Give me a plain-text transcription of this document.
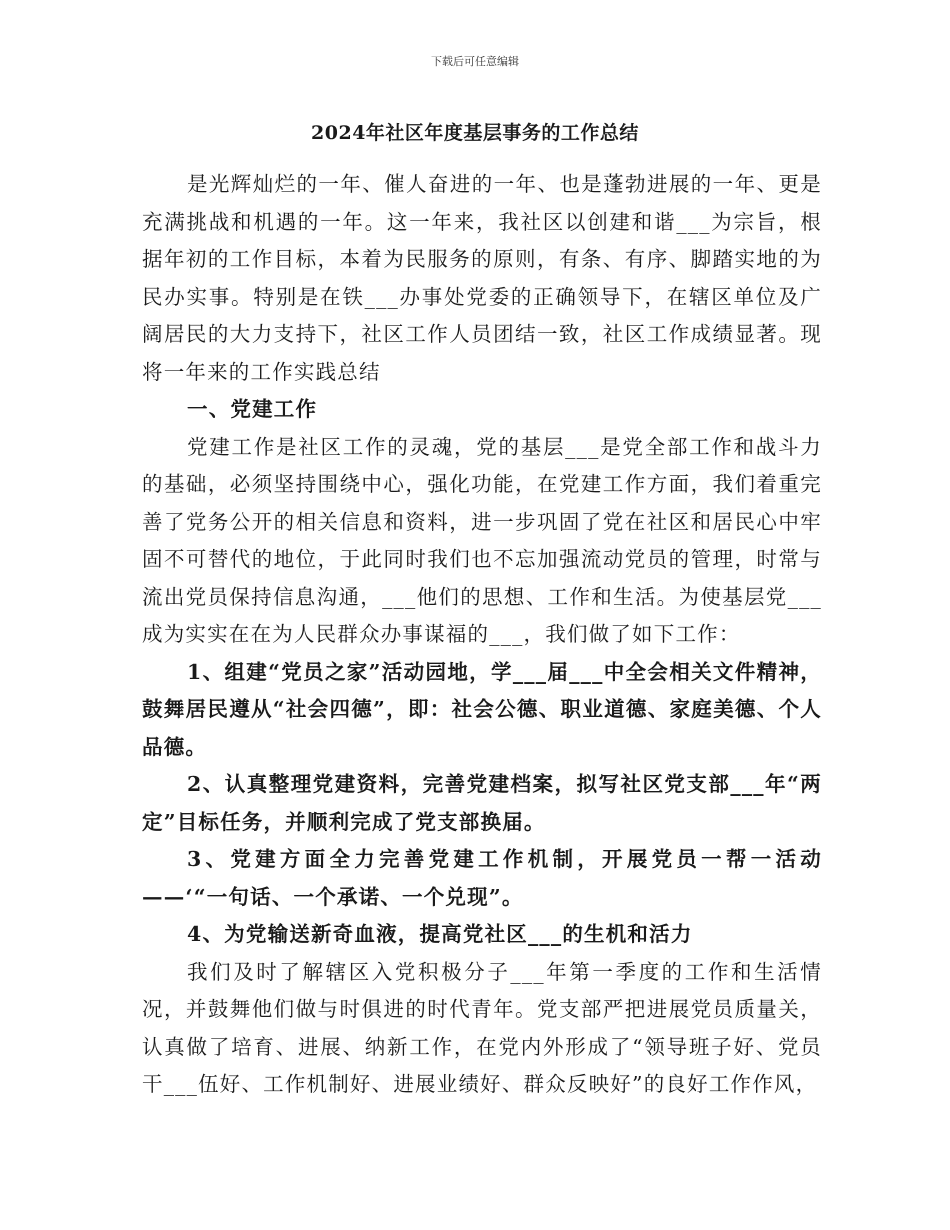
下载后可任意编辑
2024年社区年度基层事务的工作总结

是光辉灿烂的一年、催人奋进的一年、也是蓬勃进展的一年、更是充满挑战和机遇的一年。这一年来，我社区以创建和谐___为宗旨，根据年初的工作目标，本着为民服务的原则，有条、有序、脚踏实地的为民办实事。特别是在铁___办事处党委的正确领导下，在辖区单位及广阔居民的大力支持下，社区工作人员团结一致，社区工作成绩显著。现将一年来的工作实践总结

一、党建工作

党建工作是社区工作的灵魂，党的基层___是党全部工作和战斗力的基础，必须坚持围绕中心，强化功能，在党建工作方面，我们着重完善了党务公开的相关信息和资料，进一步巩固了党在社区和居民心中牢固不可替代的地位，于此同时我们也不忘加强流动党员的管理，时常与流出党员保持信息沟通，___他们的思想、工作和生活。为使基层党___成为实实在在为人民群众办事谋福的___，我们做了如下工作：

1、组建“党员之家”活动园地，学___届___中全会相关文件精神，鼓舞居民遵从“社会四德”，即：社会公德、职业道德、家庭美德、个人品德。

2、认真整理党建资料，完善党建档案，拟写社区党支部___年“两定”目标任务，并顺利完成了党支部换届。

3、党建方面全力完善党建工作机制，开展党员一帮一活动——‘“一句话、一个承诺、一个兑现”。

4、为党输送新奇血液，提高党社区___的生机和活力

我们及时了解辖区入党积极分子___年第一季度的工作和生活情况，并鼓舞他们做与时俱进的时代青年。党支部严把进展党员质量关，认真做了培育、进展、纳新工作，在党内外形成了“领导班子好、党员干___伍好、工作机制好、进展业绩好、群众反映好”的良好工作作风，
